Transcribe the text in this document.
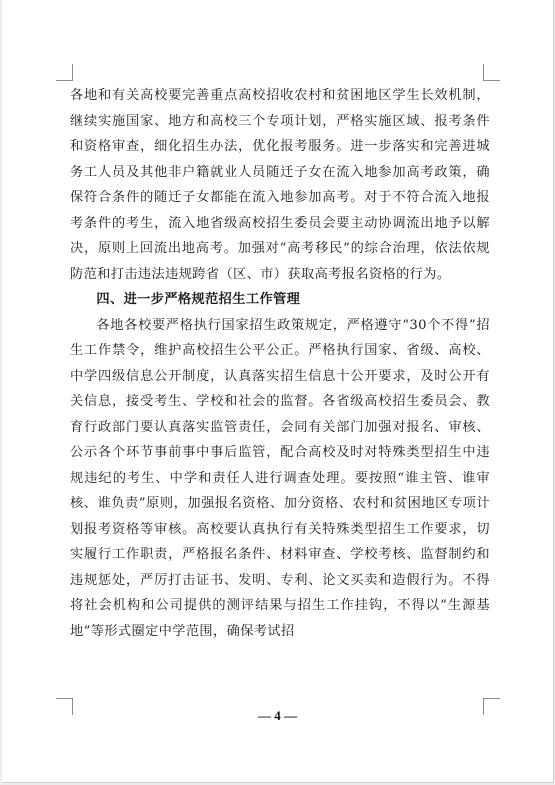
各地和有关高校要完善重点高校招收农村和贫困地区学生长效机制，继续实施国家、地方和高校三个专项计划，严格实施区域、报考条件和资格审查，细化招生办法，优化报考服务。进一步落实和完善进城务工人员及其他非户籍就业人员随迁子女在流入地参加高考政策，确保符合条件的随迁子女都能在流入地参加高考。对于不符合流入地报考条件的考生，流入地省级高校招生委员会要主动协调流出地予以解决，原则上回流出地高考。加强对“高考移民”的综合治理，依法依规防范和打击违法违规跨省（区、市）获取高考报名资格的行为。

四、进一步严格规范招生工作管理

各地各校要严格执行国家招生政策规定，严格遵守“30个不得”招生工作禁令，维护高校招生公平公正。严格执行国家、省级、高校、中学四级信息公开制度，认真落实招生信息十公开要求，及时公开有关信息，接受考生、学校和社会的监督。各省级高校招生委员会、教育行政部门要认真落实监管责任，会同有关部门加强对报名、审核、公示各个环节事前事中事后监管，配合高校及时对特殊类型招生中违规违纪的考生、中学和责任人进行调查处理。要按照“谁主管、谁审核、谁负责”原则，加强报名资格、加分资格、农村和贫困地区专项计划报考资格等审核。高校要认真执行有关特殊类型招生工作要求，切实履行工作职责，严格报名条件、材料审查、学校考核、监督制约和违规惩处，严厉打击证书、发明、专利、论文买卖和造假行为。不得将社会机构和公司提供的测评结果与招生工作挂钩，不得以“生源基地”等形式圈定中学范围，确保考试招

— 4 —
